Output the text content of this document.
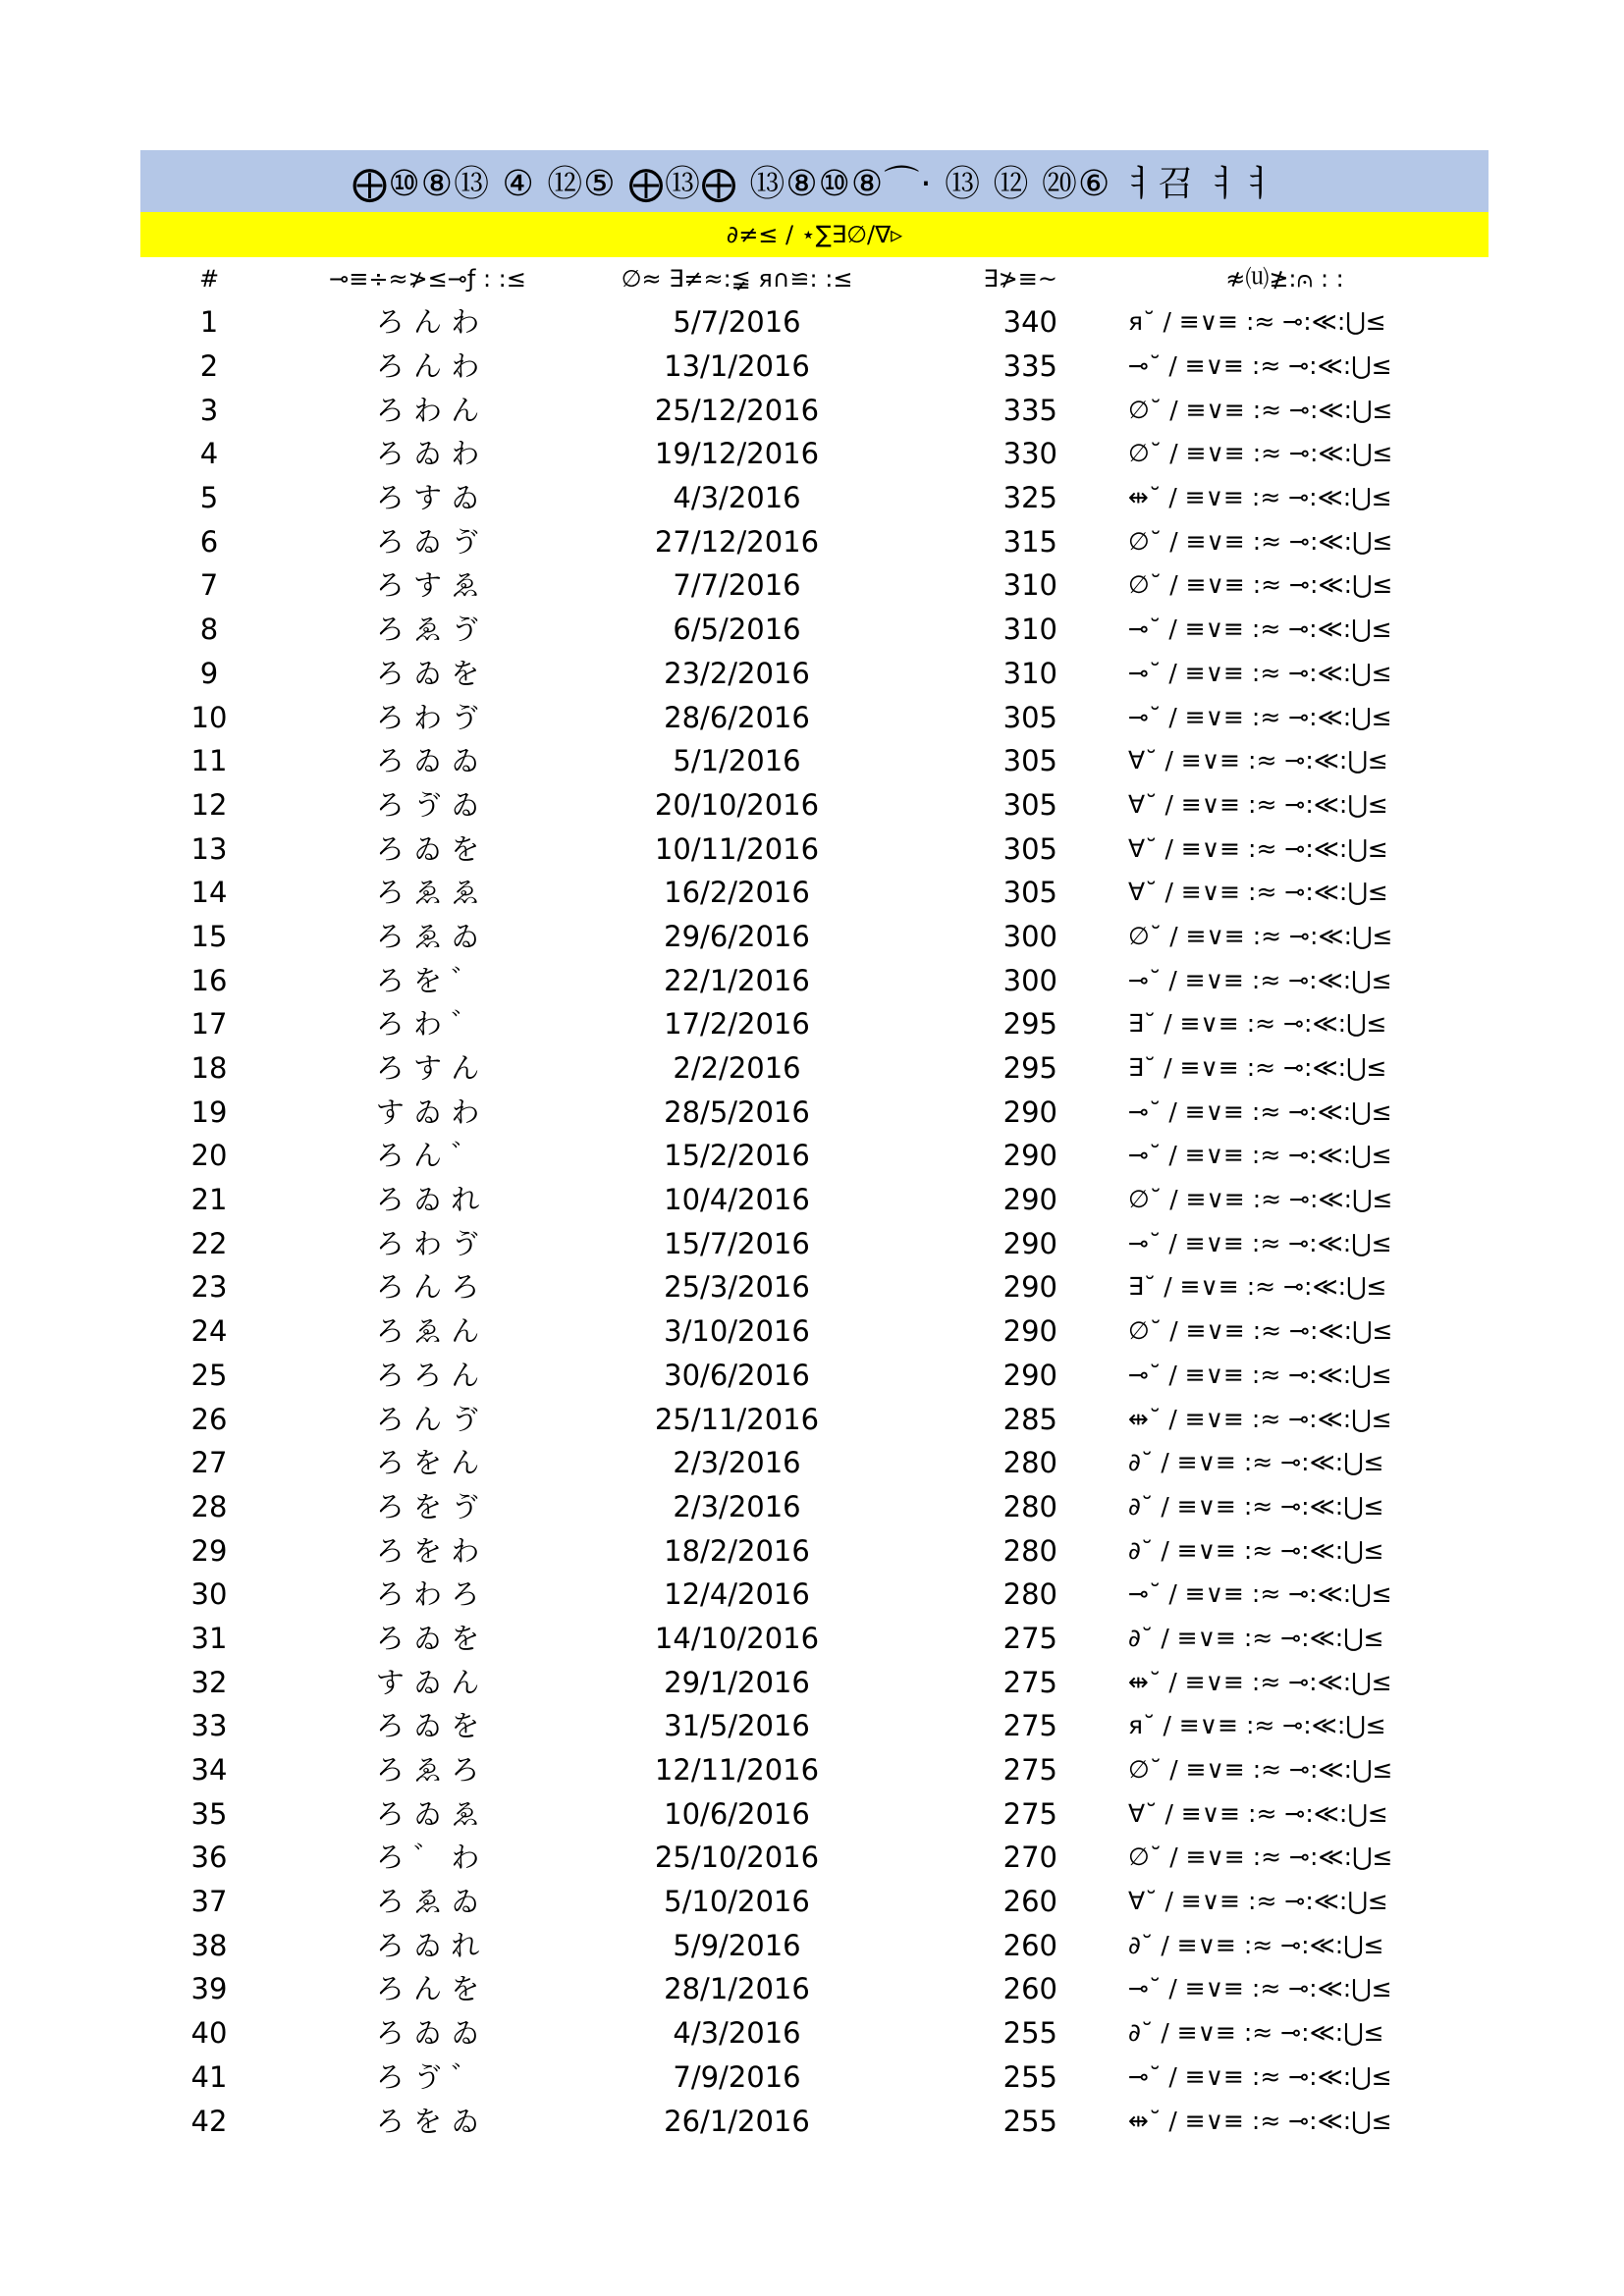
⨁⑩⑧⑬ ④ ⑫⑤ ⨁⑬⨁ ⑬⑧⑩⑧⌒· ⑬ ⑫ ⑳⑥ ㅕ召 ㅕㅕ
∂≠≤ / ⋆∑∃∅/∇▹
#	⊸≡÷≈≯≤⊸ƒ : :≤	∅≈ ∃≠≈:≨ я∩≌: :≤	∃≯≡~	≉⒰≱:⩀ : :
1	ろ ん わ	5/7/2016	340	я˘ / ≡∨≡ :≈ ⊸:≪:⋃≤
2	ろ ん わ	13/1/2016	335	⊸˘ / ≡∨≡ :≈ ⊸:≪:⋃≤
3	ろ わ ん	25/12/2016	335	∅˘ / ≡∨≡ :≈ ⊸:≪:⋃≤
4	ろ ゐ わ	19/12/2016	330	∅˘ / ≡∨≡ :≈ ⊸:≪:⋃≤
5	ろ す ゐ	4/3/2016	325	⇹˘ / ≡∨≡ :≈ ⊸:≪:⋃≤
6	ろ ゐ ゔ	27/12/2016	315	∅˘ / ≡∨≡ :≈ ⊸:≪:⋃≤
7	ろ す ゑ	7/7/2016	310	∅˘ / ≡∨≡ :≈ ⊸:≪:⋃≤
8	ろ ゑ ゔ	6/5/2016	310	⊸˘ / ≡∨≡ :≈ ⊸:≪:⋃≤
9	ろ ゐ を	23/2/2016	310	⊸˘ / ≡∨≡ :≈ ⊸:≪:⋃≤
10	ろ わ ゔ	28/6/2016	305	⊸˘ / ≡∨≡ :≈ ⊸:≪:⋃≤
11	ろ ゐ ゐ	5/1/2016	305	∀˘ / ≡∨≡ :≈ ⊸:≪:⋃≤
12	ろ ゔ ゐ	20/10/2016	305	∀˘ / ≡∨≡ :≈ ⊸:≪:⋃≤
13	ろ ゐ を	10/11/2016	305	∀˘ / ≡∨≡ :≈ ⊸:≪:⋃≤
14	ろ ゑ ゑ	16/2/2016	305	∀˘ / ≡∨≡ :≈ ⊸:≪:⋃≤
15	ろ ゑ ゐ	29/6/2016	300	∅˘ / ≡∨≡ :≈ ⊸:≪:⋃≤
16	ろ を ゛	22/1/2016	300	⊸˘ / ≡∨≡ :≈ ⊸:≪:⋃≤
17	ろ わ ゛	17/2/2016	295	∃˘ / ≡∨≡ :≈ ⊸:≪:⋃≤
18	ろ す ん	2/2/2016	295	∃˘ / ≡∨≡ :≈ ⊸:≪:⋃≤
19	す ゐ わ	28/5/2016	290	⊸˘ / ≡∨≡ :≈ ⊸:≪:⋃≤
20	ろ ん ゛	15/2/2016	290	⊸˘ / ≡∨≡ :≈ ⊸:≪:⋃≤
21	ろ ゐ れ	10/4/2016	290	∅˘ / ≡∨≡ :≈ ⊸:≪:⋃≤
22	ろ わ ゔ	15/7/2016	290	⊸˘ / ≡∨≡ :≈ ⊸:≪:⋃≤
23	ろ ん ろ	25/3/2016	290	∃˘ / ≡∨≡ :≈ ⊸:≪:⋃≤
24	ろ ゑ ん	3/10/2016	290	∅˘ / ≡∨≡ :≈ ⊸:≪:⋃≤
25	ろ ろ ん	30/6/2016	290	⊸˘ / ≡∨≡ :≈ ⊸:≪:⋃≤
26	ろ ん ゔ	25/11/2016	285	⇹˘ / ≡∨≡ :≈ ⊸:≪:⋃≤
27	ろ を ん	2/3/2016	280	∂˘ / ≡∨≡ :≈ ⊸:≪:⋃≤
28	ろ を ゔ	2/3/2016	280	∂˘ / ≡∨≡ :≈ ⊸:≪:⋃≤
29	ろ を わ	18/2/2016	280	∂˘ / ≡∨≡ :≈ ⊸:≪:⋃≤
30	ろ わ ろ	12/4/2016	280	⊸˘ / ≡∨≡ :≈ ⊸:≪:⋃≤
31	ろ ゐ を	14/10/2016	275	∂˘ / ≡∨≡ :≈ ⊸:≪:⋃≤
32	す ゐ ん	29/1/2016	275	⇹˘ / ≡∨≡ :≈ ⊸:≪:⋃≤
33	ろ ゐ を	31/5/2016	275	я˘ / ≡∨≡ :≈ ⊸:≪:⋃≤
34	ろ ゑ ろ	12/11/2016	275	∅˘ / ≡∨≡ :≈ ⊸:≪:⋃≤
35	ろ ゐ ゑ	10/6/2016	275	∀˘ / ≡∨≡ :≈ ⊸:≪:⋃≤
36	ろ ゛ わ	25/10/2016	270	∅˘ / ≡∨≡ :≈ ⊸:≪:⋃≤
37	ろ ゑ ゐ	5/10/2016	260	∀˘ / ≡∨≡ :≈ ⊸:≪:⋃≤
38	ろ ゐ れ	5/9/2016	260	∂˘ / ≡∨≡ :≈ ⊸:≪:⋃≤
39	ろ ん を	28/1/2016	260	⊸˘ / ≡∨≡ :≈ ⊸:≪:⋃≤
40	ろ ゐ ゐ	4/3/2016	255	∂˘ / ≡∨≡ :≈ ⊸:≪:⋃≤
41	ろ ゔ ゛	7/9/2016	255	⊸˘ / ≡∨≡ :≈ ⊸:≪:⋃≤
42	ろ を ゐ	26/1/2016	255	⇹˘ / ≡∨≡ :≈ ⊸:≪:⋃≤
